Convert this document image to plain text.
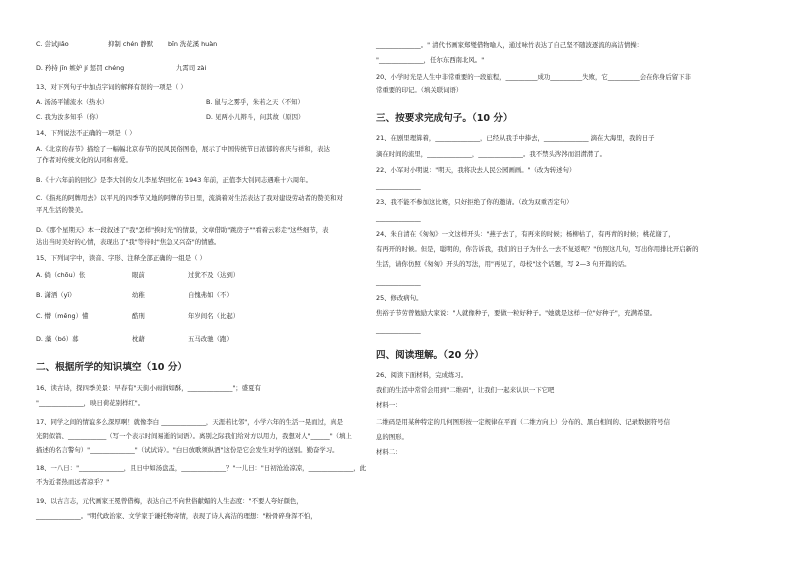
C. 尝试jiǎo	抑制 chén 静默 bīn 洗花溪 huàn
D. 矜持 jīn 嫉妒 jí 惩罚 chéng	九霄司 zài
13、对下列句子中加点字词的解释有误的一项是（ ）
A. 汤汤平铺流水（热水）	B. 鼠与之雾乎，朱若之天（不知）
C. 我为汝多知乎（你）	D. 见两小儿辩斗，问其故（原因）
14、下列说法不正确的一项是（ ）
A.《北京的春节》描绘了一幅幅北京春节的民风民俗图卷，展示了中国传统节日浓郁的喜庆与祥和，表达
了作者对传统文化的认同和喜爱。
B.《十六年前的回忆》是李大钊的女儿李星华回忆在 1943 年前，正值李大钊同志遇难十六周年。
C.《指兆的阿牌用去》以平凡的四季节又地的阿牌的节日里，流淌着对生活表达了我对建设劳动者的赞美和对
平凡生活的赞美。
D.《那个星期天》本一段叙述了"我"怎样"挨时光"的情景，文章借助"跳房子""看着云彩走"这些细节，表
达出当时美好的心情，表现出了"我"等待时"焦急又兴奋"的情感。
15、下列词字中，读音、字形、注释全部正确的一组是（ ）
A. 倘（chōu）伥	眼前	过犹不及（达到）
B. 潇洒（yī）	幼稚	自愧弗如（不）
C. 懵（měng）懂	酷刑	年岁间名（比起）
D. 藻（bó）募	枕藉	五马改驰（跑）
二、根据所学的知识填空（10 分）
16、读古诗，探四季美景：早春有"天街小雨润如酥，______________"；盛夏有
"______________，映日荷花别样红"。
17、同学之间的情谊多么深厚啊！就像李白 ______________，天涯若比邻"，小学六年的生活一晃而过，真是
光阴似箭、____________（写一个表示时间易逝的词语）。离别之际我们给对方以用力，我想对人"______"（填上
描述的名言警句）"______________"（试试诗）。"白日放歌须纵酒"这份是它会发生对学的送别。勤奋学习。
18、一八日："______________，且日中如汤盘盂，______________？"一儿曰："日初沧沧凉凉，______________，此
不为近者热而远者凉乎？"
19、以古言志，元代画家王冕曾借梅，表达自己不向世俗献媚的人生态度："不要人夸好颜色，
______________。"明代政治家、文学家于谦托物寄情，表现了诗人高洁的理想："粉骨碎身浑不怕，
______________。" 清代书画家郑燮借物喻人，通过咏竹表达了自己坚不随波逐流的高洁情操：
"______________，任尔东西南北风。"
20、小学时光是人生中非常重要的一段旅程，__________成功__________失败，它__________会在你身后留下非
常重要的印记。（填关联词语）
三、按要求完成句子。（10 分）
21、在剧里理算着，______________，已经从我手中捧去，______________ 滴在大海里，我的日子
滴在时间的流里，______________，______________。我不禁头涔涔而泪潸潸了。
22、小军对小明说："明天，我将决去人民公园画画。"（改为转述句）
______________
23、我不能不参加这比赛，只好拒绝了你的邀请。（改为双重否定句）
______________
24、朱自清在《匆匆》一文这样开头："燕子去了，有再来的时候；杨柳枯了，有再青的时候；桃花谢了，
有再开的时候。但是，聪明的，你告诉我，我们的日子为什么一去不复返呢？"仿照这几句，写出你用排比开启新的
生活，请你仿照《匆匆》开头的写法，用"再见了，母校"这个话题，写 2—3 句开篇的话。
______________
25、修改病句。
焦裕子节劳曾勉励大家说："人就像种子，要做一粒好种子。"她就是这样一位"好种子"，充满希望。
______________
四、阅读理解。（20 分）
26、阅读下面材料，完成练习。
我们的生活中常常会用到"二维码"，让我们一起来认识一下它吧
材料一：
二维码是用某种特定的几何图形按一定规律在平面（二维方向上）分布的、黑白相间的、记录数据符号信
息的图形。
材料二：
